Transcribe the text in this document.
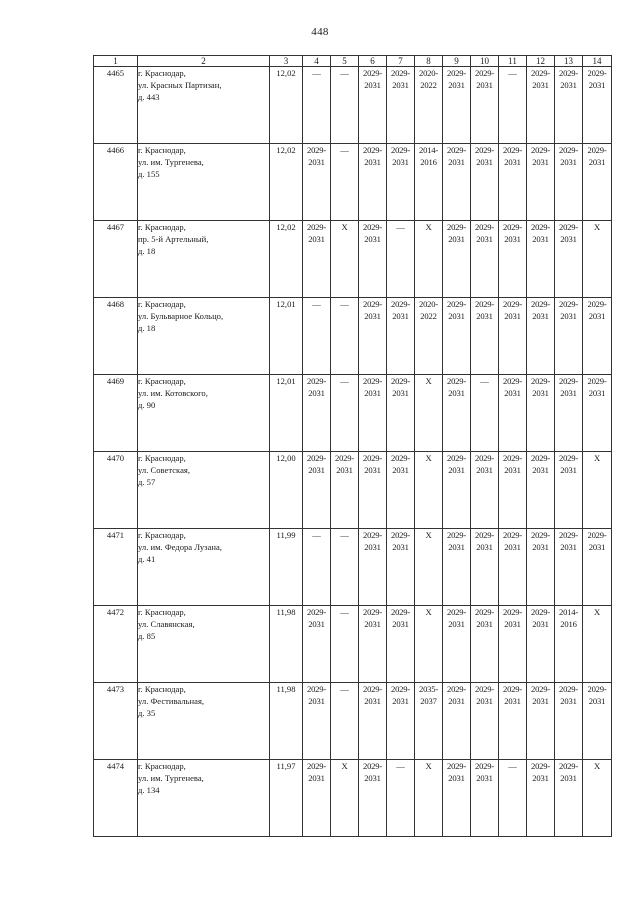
448
1	2	3	4	5	6	7	8	9	10	11	12	13	14
4465	г. Краснодар,
ул. Красных Партизан,
д. 443	12,02	—	—	2029-
2031	2029-
2031	2020-
2022	2029-
2031	2029-
2031	—	2029-
2031	2029-
2031	2029-
2031

4466	г. Краснодар,
ул. им. Тургенева,
д. 155	12,02	2029-
2031	—	2029-
2031	2029-
2031	2014-
2016	2029-
2031	2029-
2031	2029-
2031	2029-
2031	2029-
2031	2029-
2031

4467	г. Краснодар,
пр. 5-й Артельный,
д. 18	12,02	2029-
2031	X	2029-
2031	—	X	2029-
2031	2029-
2031	2029-
2031	2029-
2031	2029-
2031	X
4468	г. Краснодар,
ул. Бульварное Кольцо,
д. 18	12,01	—	—	2029-
2031	2029-
2031	2020-
2022	2029-
2031	2029-
2031	2029-
2031	2029-
2031	2029-
2031	2029-
2031

4469	г. Краснодар,
ул. им. Котовского,
д. 90	12,01	2029-
2031	—	2029-
2031	2029-
2031	X	2029-
2031	—	2029-
2031	2029-
2031	2029-
2031	2029-
2031

4470	г. Краснодар,
ул. Советская,
д. 57	12,00	2029-
2031	2029-
2031	2029-
2031	2029-
2031	X	2029-
2031	2029-
2031	2029-
2031	2029-
2031	2029-
2031	X
4471	г. Краснодар,
ул. им. Федора Лузана,
д. 41	11,99	—	—	2029-
2031	2029-
2031	X	2029-
2031	2029-
2031	2029-
2031	2029-
2031	2029-
2031	2029-
2031

4472	г. Краснодар,
ул. Славянская,
д. 85	11,98	2029-
2031	—	2029-
2031	2029-
2031	X	2029-
2031	2029-
2031	2029-
2031	2029-
2031	2014-
2016	X
4473	г. Краснодар,
ул. Фестивальная,
д. 35	11,98	2029-
2031	—	2029-
2031	2029-
2031	2035-
2037	2029-
2031	2029-
2031	2029-
2031	2029-
2031	2029-
2031	2029-
2031

4474	г. Краснодар,
ул. им. Тургенева,
д. 134	11,97	2029-
2031	X	2029-
2031	—	X	2029-
2031	2029-
2031	—	2029-
2031	2029-
2031	X
